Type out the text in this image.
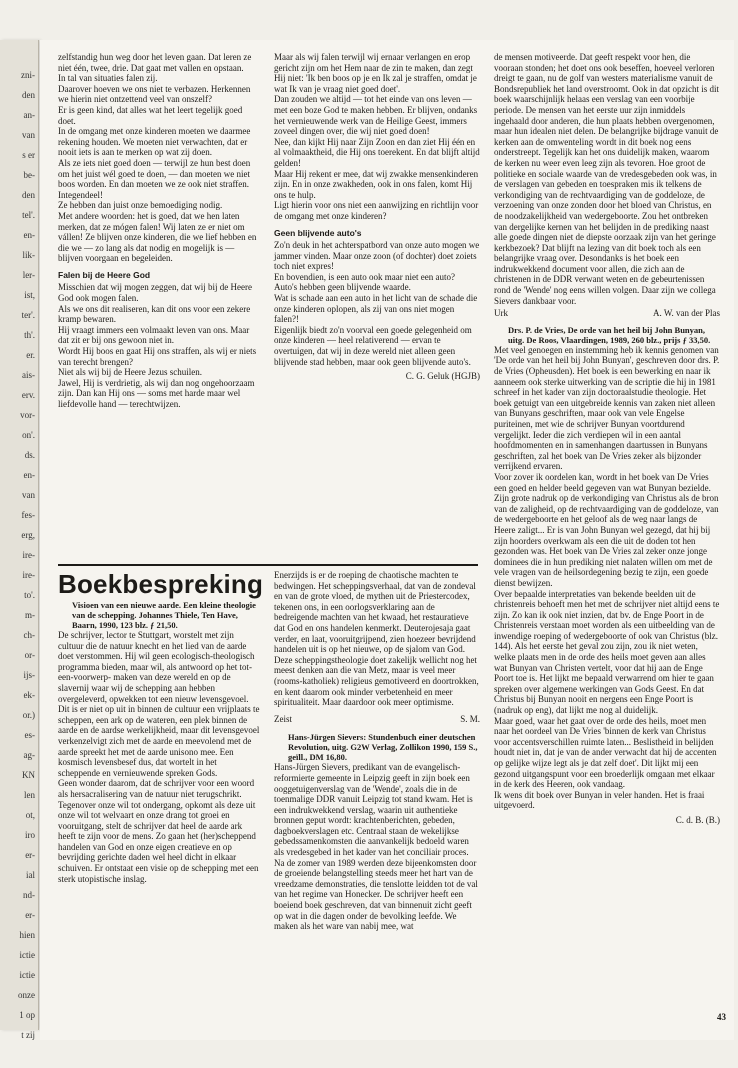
zni-
den
an-
van
s er
be-
den
tel'.
en-
lik-
ler-
ist,
ter'.
th'.
er.
ais-
erv.
vor-
on'.
ds.
en-
van
fes-
erg,
ire-
ire-
to'.
m-
ch-
or-
ijs-
ek-
or.)
es-
ag-
KN
len
ot,
iro
er-
ial
nd-
er-
hien
ictie
ictie
onze
1 op
t zij

zelfstandig hun weg door het leven gaan. Dat leren ze niet één, twee, drie. Dat gaat met vallen en opstaan.

In tal van situaties falen zij.

Daarover hoeven we ons niet te verbazen. Herkennen we hierin niet ontzettend veel van onszelf?

Er is geen kind, dat alles wat het leert tegelijk goed doet.

In de omgang met onze kinderen moeten we daarmee rekening houden. We moeten niet verwachten, dat er nooit iets is aan te merken op wat zij doen.

Als ze iets niet goed doen — terwijl ze hun best doen om het juist wél goed te doen, — dan moeten we niet boos worden. En dan moeten we ze ook niet straffen.

Integendeel!

Ze hebben dan juist onze bemoediging nodig.

Met andere woorden: het is goed, dat we hen laten merken, dat ze mógen falen! Wij laten ze er niet om vállen! Ze blijven onze kinderen, die we lief hebben en die we — zo lang als dat nodig en mogelijk is — blijven voorgaan en begeleiden.

Falen bij de Heere God

Misschien dat wij mogen zeggen, dat wij bij de Heere God ook mogen falen.

Als we ons dit realiseren, kan dit ons voor een zekere kramp bewaren.

Hij vraagt immers een volmaakt leven van ons. Maar dat zit er bij ons gewoon niet in.

Wordt Hij boos en gaat Hij ons straffen, als wij er niets van terecht brengen?

Niet als wij bij de Heere Jezus schuilen.

Jawel, Hij is verdrietig, als wij dan nog ongehoorzaam zijn. Dan kan Hij ons — soms met harde maar wel liefdevolle hand — terechtwijzen.

Maar als wij falen terwijl wij ernaar verlangen en erop gericht zijn om het Hem naar de zin te maken, dan zegt Hij niet: 'Ik ben boos op je en Ik zal je straffen, omdat je wat Ik van je vraag niet goed doet'.

Dan zouden we altijd — tot het einde van ons leven — met een boze God te maken hebben. Er blijven, ondanks het vernieuwende werk van de Heilige Geest, immers zoveel dingen over, die wij niet goed doen!

Nee, dan kijkt Hij naar Zijn Zoon en dan ziet Hij één en al volmaaktheid, die Hij ons toerekent. En dat blijft altijd gelden!

Maar Hij rekent er mee, dat wij zwakke mensenkinderen zijn. En in onze zwakheden, ook in ons falen, komt Hij ons te hulp.

Ligt hierin voor ons niet een aanwijzing en richtlijn voor de omgang met onze kinderen?

Geen blijvende auto's

Zo'n deuk in het achterspatbord van onze auto mogen we jammer vinden. Maar onze zoon (of dochter) doet zoiets toch niet expres!

En bovendien, is een auto ook maar niet een auto?

Auto's hebben geen blijvende waarde.

Wat is schade aan een auto in het licht van de schade die onze kinderen oplopen, als zij van ons niet mogen falen?!

Eigenlijk biedt zo'n voorval een goede gelegenheid om onze kinderen — heel relativerend — ervan te overtuigen, dat wij in deze wereld niet alleen geen blijvende stad hebben, maar ook geen blijvende auto's.

C. G. Geluk (HGJB)

Boekbespreking

Visioen van een nieuwe aarde. Een kleine theologie van de schepping. Johannes Thiele, Ten Have, Baarn, 1990, 123 blz. ƒ 21,50.

De schrijver, lector te Stuttgart, worstelt met zijn cultuur die de natuur knecht en het lied van de aarde doet verstommen. Hij wil geen ecologisch-theologisch programma bieden, maar wil, als antwoord op het tot- een-voorwerp- maken van deze wereld en op de slavernij waar wij de schepping aan hebben overgeleverd, opwekken tot een nieuw levensgevoel. Dit is er niet op uit in binnen de cultuur een vrijplaats te scheppen, een ark op de wateren, een plek binnen de aarde en de aardse werkelijkheid, maar dit levensgevoel verkenzelvigt zich met de aarde en meevolend met de aarde spreekt het met de aarde unisono mee. Een kosmisch levensbesef dus, dat wortelt in het scheppende en vernieuwende spreken Gods.

Geen wonder daarom, dat de schrijver voor een woord als hersacralisering van de natuur niet terugschrikt. Tegenover onze wil tot ondergang, opkomt als deze uit onze wil tot welvaart en onze drang tot groei en vooruitgang, stelt de schrijver dat heel de aarde ark heeft te zijn voor de mens. Zo gaan het (her)scheppend handelen van God en onze eigen creatieve en op bevrijding gerichte daden wel heel dicht in elkaar schuiven. Er ontstaat een visie op de schepping met een sterk utopistische inslag.

Enerzijds is er de roeping de chaotische machten te bedwingen. Het scheppingsverhaal, dat van de zondeval en van de grote vloed, de mythen uit de Priestercodex, tekenen ons, in een oorlogsverklaring aan de bedreigende machten van het kwaad, het restauratieve dat God en ons handelen kenmerkt. Deuterojesaja gaat verder, en laat, vooruitgrijpend, zien hoezeer bevrijdend handelen uit is op het nieuwe, op de sjalom van God.

Deze scheppingstheologie doet zakelijk wellicht nog het meest denken aan die van Metz, maar is veel meer (rooms-katholiek) religieus gemotiveerd en doortrokken, en kent daarom ook minder verbetenheid en meer spiritualiteit. Maar daardoor ook meer optimisme.

Zeist	S. M.

Hans-Jürgen Sievers: Stundenbuch einer deutschen Revolution, uitg. G2W Verlag, Zollikon 1990, 159 S., geïll., DM 16,80.

Hans-Jürgen Sievers, predikant van de evangelisch-reformierte gemeente in Leipzig geeft in zijn boek een ooggetuigenverslag van de 'Wende', zoals die in de toenmalige DDR vanuit Leipzig tot stand kwam. Het is een indrukwekkend verslag, waarin uit authentieke bronnen geput wordt: krachtenberichten, gebeden, dagboekverslagen etc. Centraal staan de wekelijkse gebedssamenkomsten die aanvankelijk bedoeld waren als vredesgebed in het kader van het conciliair proces. Na de zomer van 1989 werden deze bijeenkomsten door de groeiende belangstelling steeds meer het hart van de vreedzame demonstraties, die tenslotte leidden tot de val van het regime van Honecker. De schrijver heeft een boeiend boek geschreven, dat van binnenuit zicht geeft op wat in die dagen onder de bevolking leefde. We maken als het ware van nabij mee, wat

de mensen motiveerde. Dat geeft respekt voor hen, die voorаan stonden; het doet ons ook beseffen, hoeveel verloren dreigt te gaan, nu de golf van westers materialisme vanuit de Bondsrepubliek het land overstroomt. Ook in dat opzicht is dit boek waarschijnlijk helaas een verslag van een voorbije periode. De mensen van het eerste uur zijn inmiddels ingehaald door anderen, die hun plaats hebben overgenomen, maar hun idealen niet delen. De belangrijke bijdrage vanuit de kerken aan de omwenteling wordt in dit boek nog eens onderstreept. Tegelijk kan het ons duidelijk maken, waarom de kerken nu weer even leeg zijn als tevoren. Hoe groot de politieke en sociale waarde van de vredesgebeden ook was, in de verslagen van gebeden en toespraken mis ik telkens de verkondiging van de rechtvaardiging van de goddeloze, de verzoening van onze zonden door het bloed van Christus, en de noodzakelijkheid van wedergeboorte. Zou het ontbreken van dergelijke kernen van het belijden in de prediking naast alle goede dingen niet de diepste oorzaak zijn van het geringe kerkbezoek? Dat blijft na lezing van dit boek toch als een belangrijke vraag over. Desondanks is het boek een indrukwekkend document voor allen, die zich aan de christenen in de DDR verwant weten en de gebeurtenissen rond de 'Wende' nog eens willen volgen. Daar zijn we collega Sievers dankbaar voor.

Urk	A. W. van der Plas

Drs. P. de Vries, De orde van het heil bij John Bunyan, uitg. De Roos, Vlaardingen, 1989, 260 blz., prijs ƒ 33,50.

Met veel genoegen en instemming heb ik kennis genomen van 'De orde van het heil bij John Bunyan', geschreven door drs. P. de Vries (Opheusden). Het boek is een bewerking en naar ik aanneem ook sterke uitwerking van de scriptie die hij in 1981 schreef in het kader van zijn doctoraalstudie theologie. Het boek getuigt van een uitgebreide kennis van zaken niet alleen van Bunyans geschriften, maar ook van vele Engelse puriteinen, met wie de schrijver Bunyan voortdurend vergelijkt. Ieder die zich verdiepen wil in een aantal hoofdmomenten en in samenhangen daartussen in Bunyans geschriften, zal het boek van De Vries zeker als bijzonder verrijkend ervaren.

Voor zover ik oordelen kan, wordt in het boek van De Vries een goed en helder beeld gegeven van wat Bunyan bezielde. Zijn grote nadruk op de verkondiging van Christus als de bron van de zaligheid, op de rechtvaardiging van de goddeloze, van de wedergeboorte en het geloof als de weg naar langs de Heere zaligt... Er is van John Bunyan wel gezegd, dat hij bij zijn hoorders overkwam als een die uit de doden tot hen gezonden was. Het boek van De Vries zal zeker onze jonge dominees die in hun prediking niet nalaten willen om met de vele vragen van de heilsordegening bezig te zijn, een goede dienst bewijzen.

Over bepaalde interpretaties van bekende beelden uit de christenreis behoeft men het met de schrijver niet altijd eens te zijn. Zo kan ik ook niet inzien, dat bv. de Enge Poort in de Christenreis verstaan moet worden als een uitbeelding van de inwendige roeping of wedergeboorte of ook van Christus (blz. 144). Als het eerste het geval zou zijn, zou ik niet weten, welke plaats men in de orde des heils moet geven aan alles wat Bunyan van Christen vertelt, voor dat hij aan de Enge Poort toe is. Het lijkt me bepaald verwarrend om hier te gaan spreken over algemene werkingen van Gods Geest. En dat Christus bij Bunyan nooit en nergens een Enge Poort is (nadruk op eng), dat lijkt me nog al duidelijk.

Maar goed, waar het gaat over de orde des heils, moet men naar het oordeel van De Vries 'binnen de kerk van Christus voor accentsverschillen ruimte laten... Beslistheid in belijden houdt niet in, dat je van de ander verwacht dat hij de accenten op gelijke wijze legt als je dat zelf doet'. Dit lijkt mij een gezond uitgangspunt voor een broederlijk omgaan met elkaar in de kerk des Heeren, ook vandaag.

Ik wens dit boek over Bunyan in veler handen. Het is fraai uitgevoerd.

C. d. B. (B.)

43
